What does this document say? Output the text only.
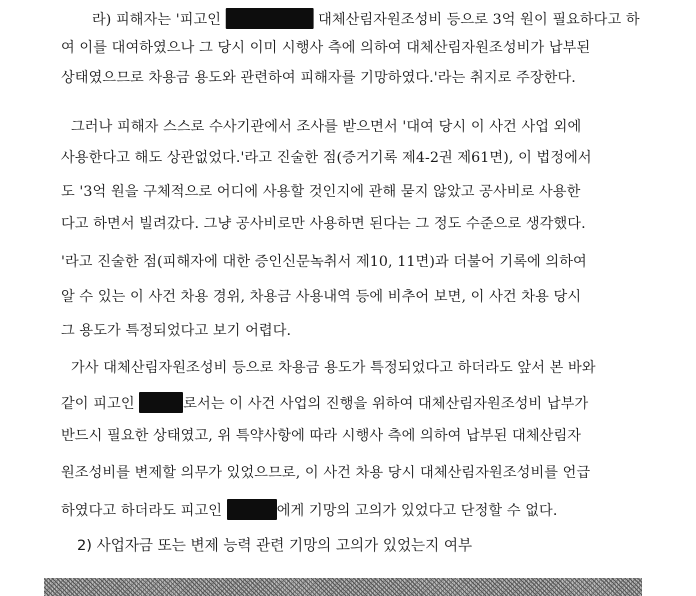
라) 피해자는 '피고인	대체산림자원조성비 등으로 3억 원이 필요하다고 하
여 이를 대여하였으나 그 당시 이미 시행사 측에 의하여 대체산림자원조성비가 납부된
상태였으므로 차용금 용도와 관련하여 피해자를 기망하였다.'라는 취지로 주장한다.
그러나 피해자 스스로 수사기관에서 조사를 받으면서 '대여 당시 이 사건 사업 외에
사용한다고 해도 상관없었다.'라고 진술한 점(증거기록 제4-2권 제61면), 이 법정에서
도 '3억 원을 구체적으로 어디에 사용할 것인지에 관해 묻지 않았고 공사비로 사용한
다고 하면서 빌려갔다. 그냥 공사비로만 사용하면 된다는 그 정도 수준으로 생각했다.
'라고 진술한 점(피해자에 대한 증인신문녹취서 제10, 11면)과 더불어 기록에 의하여
알 수 있는 이 사건 차용 경위, 차용금 사용내역 등에 비추어 보면, 이 사건 차용 당시
그 용도가 특정되었다고 보기 어렵다.
가사 대체산림자원조성비 등으로 차용금 용도가 특정되었다고 하더라도 앞서 본 바와
같이 피고인	로서는 이 사건 사업의 진행을 위하여 대체산림자원조성비 납부가
반드시 필요한 상태였고, 위 특약사항에 따라 시행사 측에 의하여 납부된 대체산림자
원조성비를 변제할 의무가 있었으므로, 이 사건 차용 당시 대체산림자원조성비를 언급
하였다고 하더라도 피고인	에게 기망의 고의가 있었다고 단정할 수 없다.
2) 사업자금 또는 변제 능력 관련 기망의 고의가 있었는지 여부
